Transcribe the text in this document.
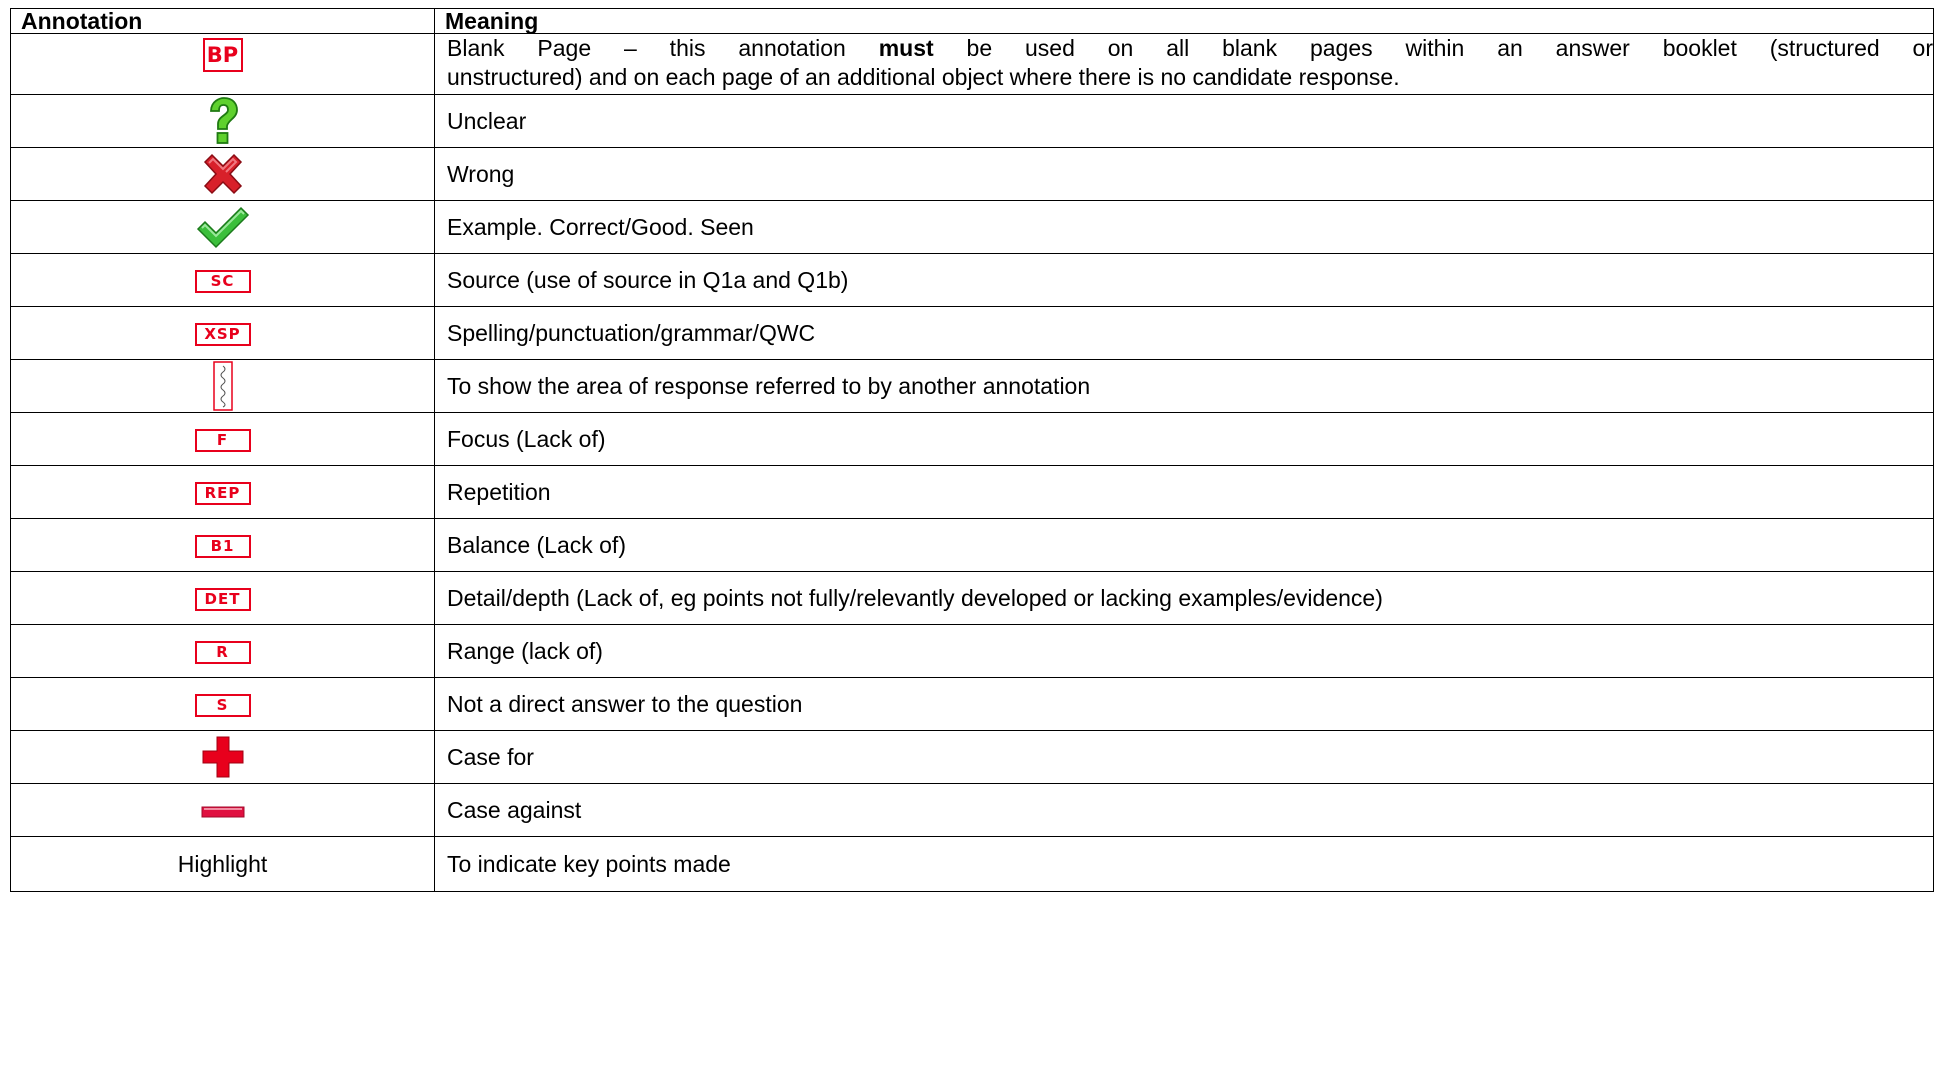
Annotation	Meaning
BP	Blank Page – this annotation must be used on all blank pages within an answer booklet (structured or
unstructured) and on each page of an additional object where there is no candidate response.

	Unclear
	Wrong
	Example. Correct/Good. Seen
SC	Source (use of source in Q1a and Q1b)
XSP	Spelling/punctuation/grammar/QWC
	To show the area of response referred to by another annotation
F	Focus (Lack of)
REP	Repetition
B1	Balance (Lack of)
DET	Detail/depth (Lack of, eg points not fully/relevantly developed or lacking examples/evidence)
R	Range (lack of)
S	Not a direct answer to the question
	Case for
	Case against
Highlight	To indicate key points made
